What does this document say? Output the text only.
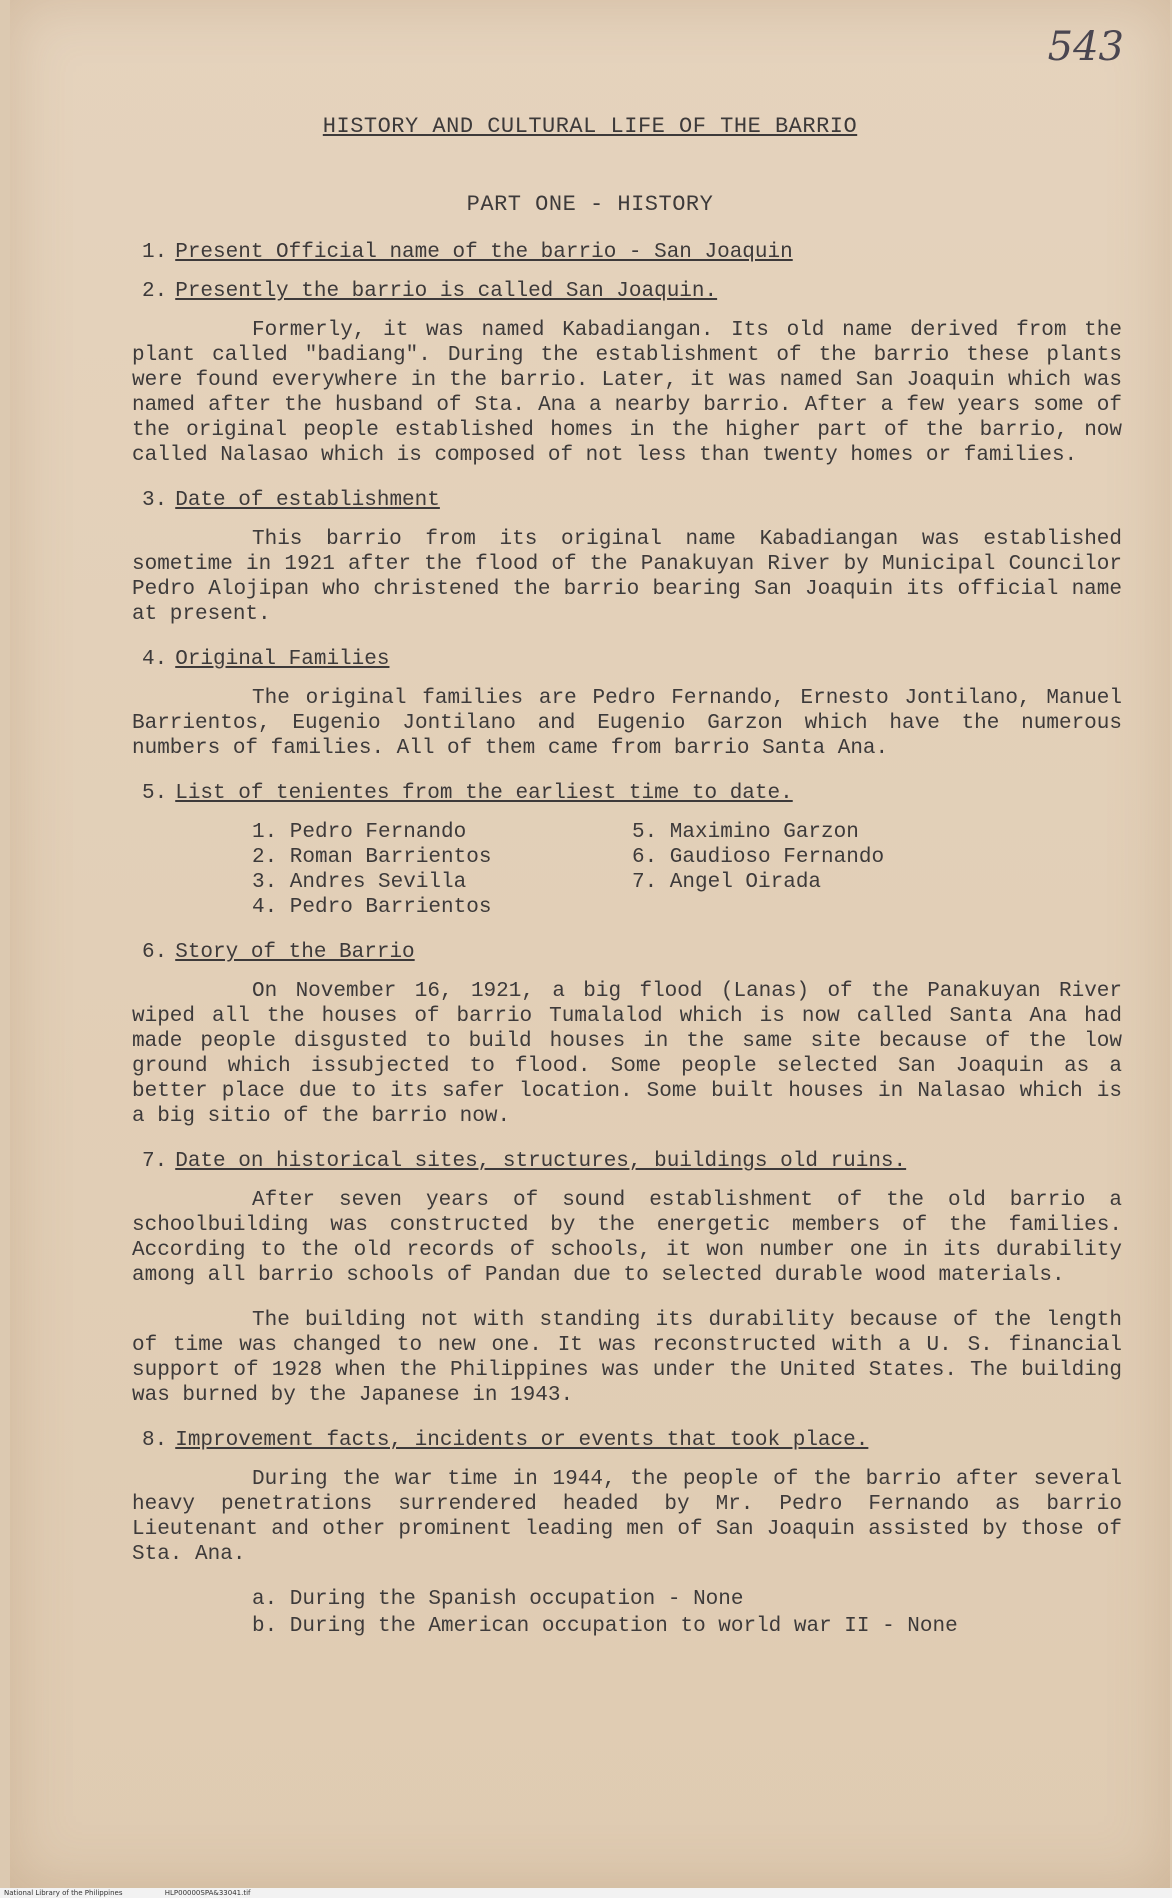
543
HISTORY AND CULTURAL LIFE OF THE BARRIO
PART ONE - HISTORY
1. Present Official name of the barrio - San Joaquin
2. Presently the barrio is called San Joaquin.

Formerly, it was named Kabadiangan. Its old name derived from the plant called "badiang". During the establishment of the barrio these plants were found everywhere in the barrio. Later, it was named San Joaquin which was named after the husband of Sta. Ana a nearby barrio. After a few years some of the original people established homes in the higher part of the barrio, now called Nalasao which is composed of not less than twenty homes or families.

3. Date of establishment

This barrio from its original name Kabadiangan was established sometime in 1921 after the flood of the Panakuyan River by Municipal Councilor Pedro Alojipan who christened the barrio bearing San Joaquin its official name at present.

4. Original Families

The original families are Pedro Fernando, Ernesto Jontilano, Manuel Barrientos, Eugenio Jontilano and Eugenio Garzon which have the numerous numbers of families. All of them came from barrio Santa Ana.

5. List of tenientes from the earliest time to date.
1. Pedro Fernando
2. Roman Barrientos
3. Andres Sevilla
4. Pedro Barrientos
5. Maximino Garzon
6. Gaudioso Fernando
7. Angel Oirada
6. Story of the Barrio

On November 16, 1921, a big flood (Lanas) of the Panakuyan River wiped all the houses of barrio Tumalalod which is now called Santa Ana had made people disgusted to build houses in the same site because of the low ground which issubjected to flood. Some people selected San Joaquin as a better place due to its safer location. Some built houses in Nalasao which is a big sitio of the barrio now.

7. Date on historical sites, structures, buildings old ruins.

After seven years of sound establishment of the old barrio a schoolbuilding was constructed by the energetic members of the families. According to the old records of schools, it won number one in its durability among all barrio schools of Pandan due to selected durable wood materials.

The building not with standing its durability because of the length of time was changed to new one. It was reconstructed with a U. S. financial support of 1928 when the Philippines was under the United States. The building was burned by the Japanese in 1943.

8. Improvement facts, incidents or events that took place.

During the war time in 1944, the people of the barrio after several heavy penetrations surrendered headed by Mr. Pedro Fernando as barrio Lieutenant and other prominent leading men of San Joaquin assisted by those of Sta. Ana.

a. During the Spanish occupation - None
b. During the American occupation to world war II - None
National Library of the Philippines	HLP00000SPA&33041.tif
